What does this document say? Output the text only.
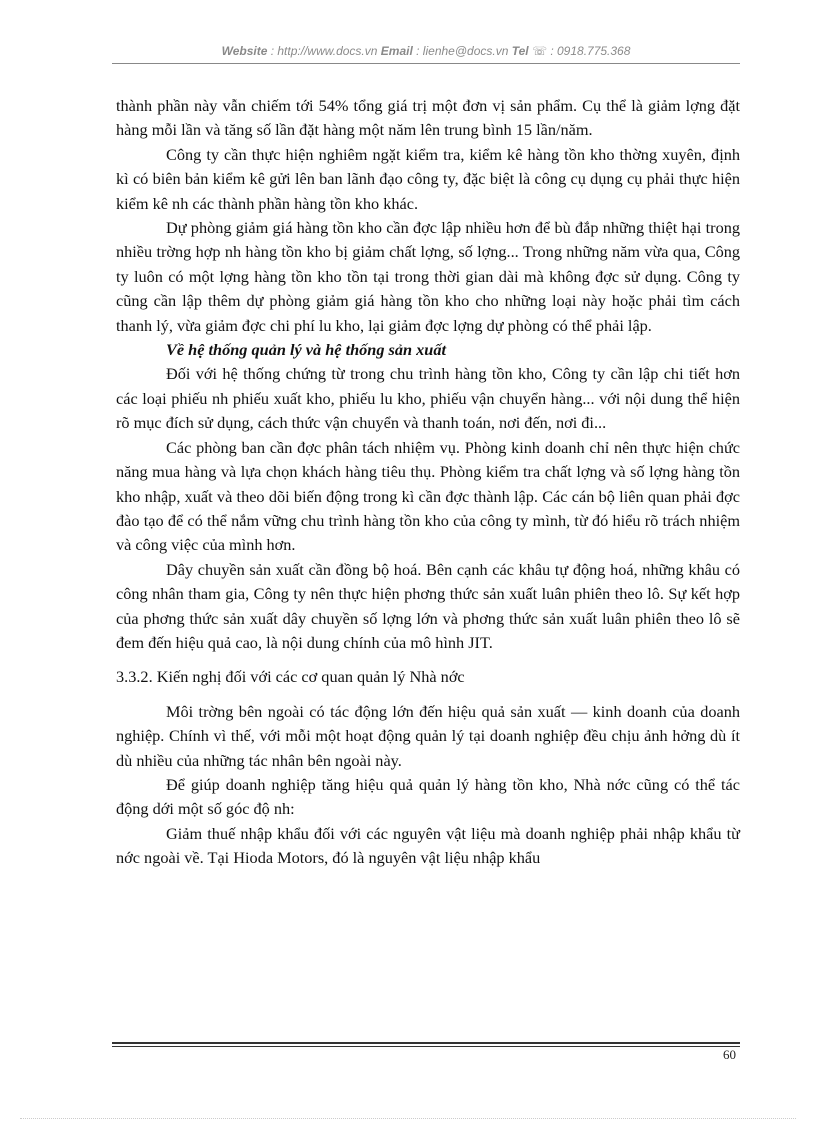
Website : http://www.docs.vn Email : lienhe@docs.vn Tel ☏ : 0918.775.368

thành phần này vẫn chiếm tới 54% tổng giá trị một đơn vị sản phẩm. Cụ thể là giảm lợng đặt hàng mỗi lần và tăng số lần đặt hàng một năm lên trung bình 15 lần/năm.

Công ty cần thực hiện nghiêm ngặt kiểm tra, kiểm kê hàng tồn kho thờng xuyên, định kì có biên bản kiểm kê gửi lên ban lãnh đạo công ty, đặc biệt là công cụ dụng cụ phải thực hiện kiểm kê nh các thành phần hàng tồn kho khác.

Dự phòng giảm giá hàng tồn kho cần đợc lập nhiều hơn để bù đắp những thiệt hại trong nhiều trờng hợp nh hàng tồn kho bị giảm chất lợng, số lợng... Trong những năm vừa qua, Công ty luôn có một lợng hàng tồn kho tồn tại trong thời gian dài mà không đợc sử dụng. Công ty cũng cần lập thêm dự phòng giảm giá hàng tồn kho cho những loại này hoặc phải tìm cách thanh lý, vừa giảm đợc chi phí lu kho, lại giảm đợc lợng dự phòng có thể phải lập.

Về hệ thống quản lý và hệ thống sản xuất

Đối với hệ thống chứng từ trong chu trình hàng tồn kho, Công ty cần lập chi tiết hơn các loại phiếu nh phiếu xuất kho, phiếu lu kho, phiếu vận chuyển hàng... với nội dung thể hiện rõ mục đích sử dụng, cách thức vận chuyển và thanh toán, nơi đến, nơi đi...

Các phòng ban cần đợc phân tách nhiệm vụ. Phòng kinh doanh chỉ nên thực hiện chức năng mua hàng và lựa chọn khách hàng tiêu thụ. Phòng kiểm tra chất lợng và số lợng hàng tồn kho nhập, xuất và theo dõi biến động trong kì cần đợc thành lập. Các cán bộ liên quan phải đợc đào tạo để có thể nắm vững chu trình hàng tồn kho của công ty mình, từ đó hiểu rõ trách nhiệm và công việc của mình hơn.

Dây chuyền sản xuất cần đồng bộ hoá. Bên cạnh các khâu tự động hoá, những khâu có công nhân tham gia, Công ty nên thực hiện phơng thức sản xuất luân phiên theo lô. Sự kết hợp của phơng thức sản xuất dây chuyền số lợng lớn và phơng thức sản xuất luân phiên theo lô sẽ đem đến hiệu quả cao, là nội dung chính của mô hình JIT.

3.3.2. Kiến nghị đối với các cơ quan quản lý Nhà nớc

Môi trờng bên ngoài có tác động lớn đến hiệu quả sản xuất — kinh doanh của doanh nghiệp. Chính vì thế, với mỗi một hoạt động quản lý tại doanh nghiệp đều chịu ảnh hởng dù ít dù nhiều của những tác nhân bên ngoài này.

Để giúp doanh nghiệp tăng hiệu quả quản lý hàng tồn kho, Nhà nớc cũng có thể tác động dới một số góc độ nh:

Giảm thuế nhập khẩu đối với các nguyên vật liệu mà doanh nghiệp phải nhập khẩu từ nớc ngoài về. Tại Hioda Motors, đó là nguyên vật liệu nhập khẩu

60
